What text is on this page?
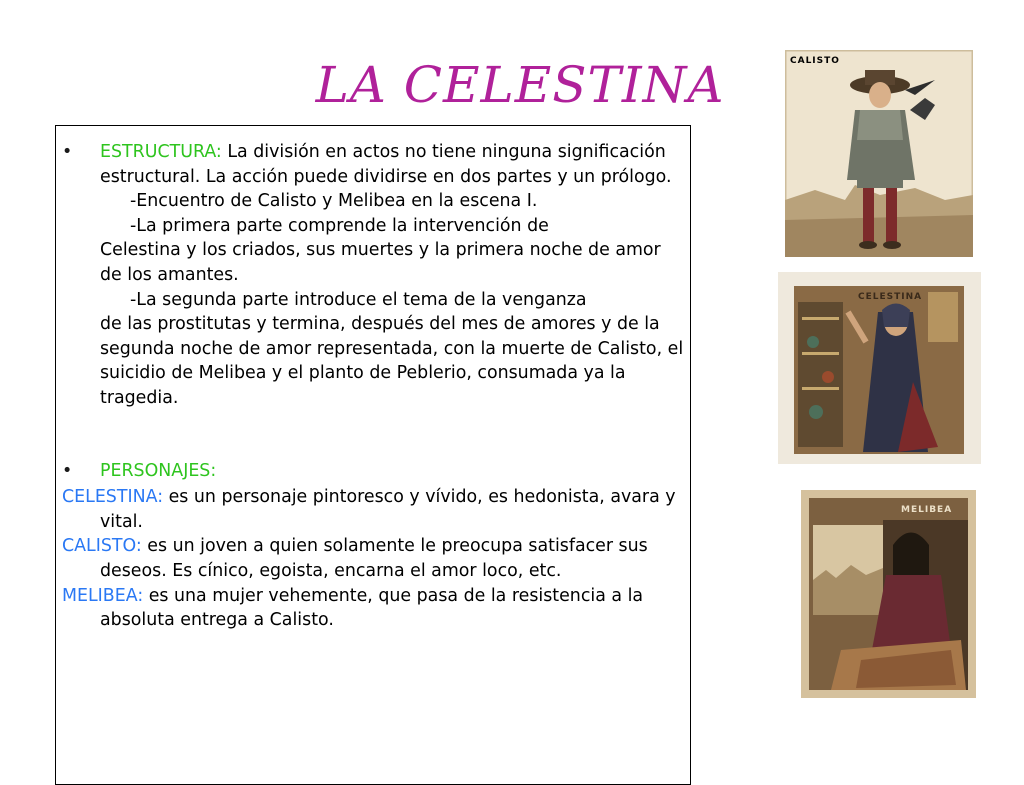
LA CELESTINA
• ESTRUCTURA: La división en actos no tiene ninguna significación estructural. La acción puede dividirse en dos partes y un prólogo.

-Encuentro de Calisto y Melibea en la escena I.

-La primera parte comprende la intervención de

Celestina y los criados, sus muertes y la primera noche de amor de los amantes.

-La segunda parte introduce el tema de la venganza

de las prostitutas y termina, después del mes de amores y de la segunda noche de amor representada, con la muerte de Calisto, el suicidio de Melibea y el planto de Peblerio, consumada ya la tragedia.

• PERSONAJES:

CELESTINA: es un personaje pintoresco y vívido, es hedonista, avara y vital.

CALISTO: es un joven a quien solamente le preocupa satisfacer sus deseos. Es cínico, egoista, encarna el amor loco, etc.

MELIBEA: es una mujer vehemente, que pasa de la resistencia a la absoluta entrega a Calisto.

CALISTO
CELESTINA
MELIBEA
